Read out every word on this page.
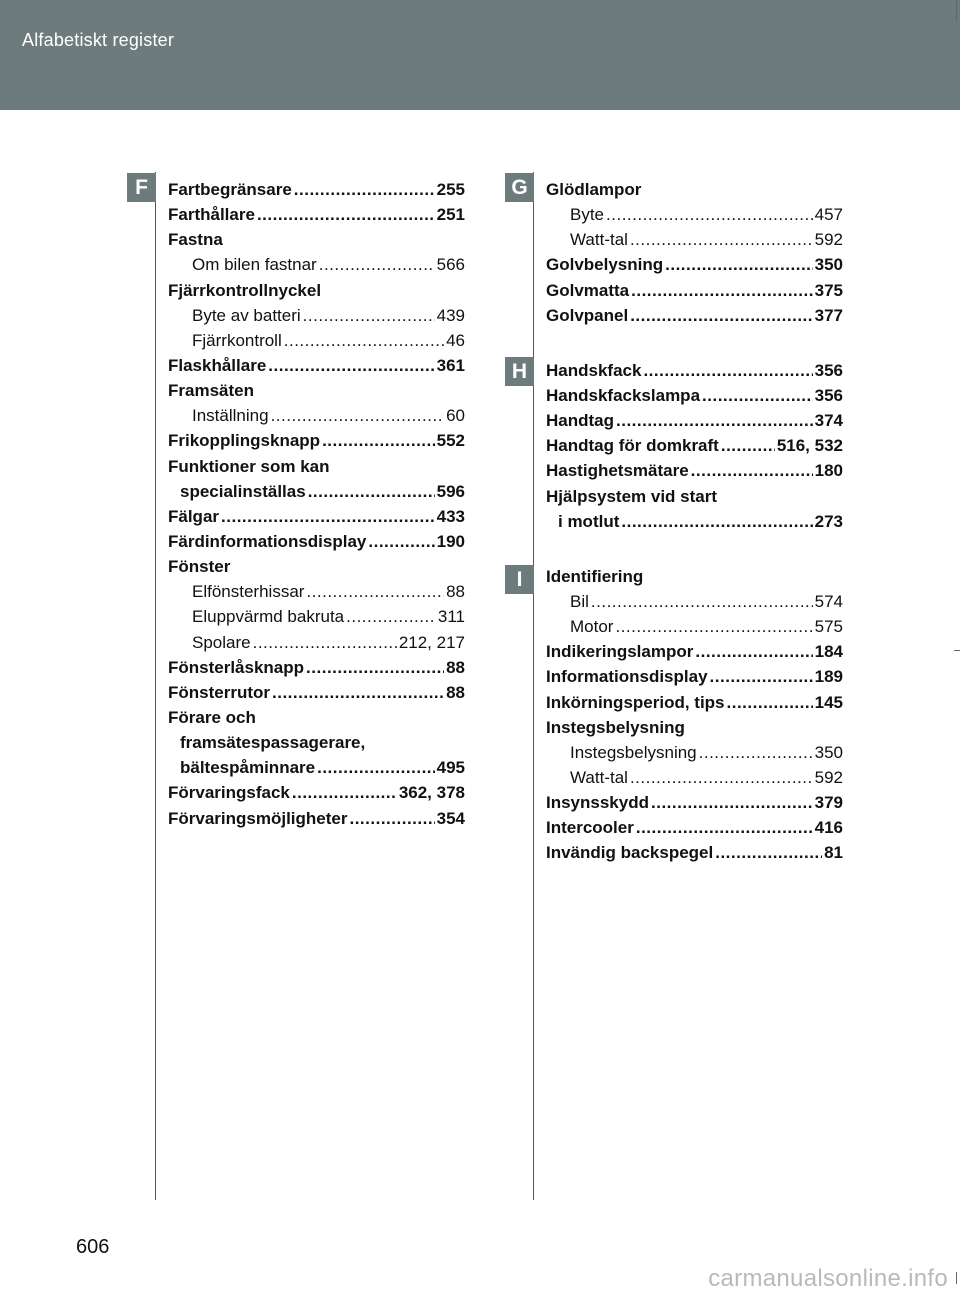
Alfabetiskt register
F	G
H
I
Fartbegränsare .....	255
Farthållare .....	251
Fastna
Om bilen fastnar .....	566
Fjärrkontrollnyckel
Byte av batteri .....	439
Fjärrkontroll .....	46
Flaskhållare .....	361
Framsäten
Inställning .....	60
Frikopplingsknapp .....	552
Funktioner som kan
specialinställas .....	596
Fälgar .....	433
Färdinformationsdisplay .....	190
Fönster
Elfönsterhissar .....	88
Eluppvärmd bakruta .....	311
Spolare .....	212, 217
Fönsterlåsknapp .....	88
Fönsterrutor .....	88
Förare och
framsätespassagerare,
bältespåminnare .....	495
Förvaringsfack .....	362, 378
Förvaringsmöjligheter .....	354
Glödlampor
Byte .....	457
Watt-tal .....	592
Golvbelysning .....	350
Golvmatta .....	375
Golvpanel .....	377
Handskfack .....	356
Handskfackslampa .....	356
Handtag .....	374
Handtag för domkraft .....	516, 532
Hastighetsmätare .....	180
Hjälpsystem vid start
i motlut .....	273
Identifiering
Bil .....	574
Motor .....	575
Indikeringslampor .....	184
Informationsdisplay .....	189
Inkörningsperiod, tips .....	145
Instegsbelysning
Instegsbelysning .....	350
Watt-tal .....	592
Insynsskydd .....	379
Intercooler .....	416
Invändig backspegel .....	81
606
carmanualsonline.info
